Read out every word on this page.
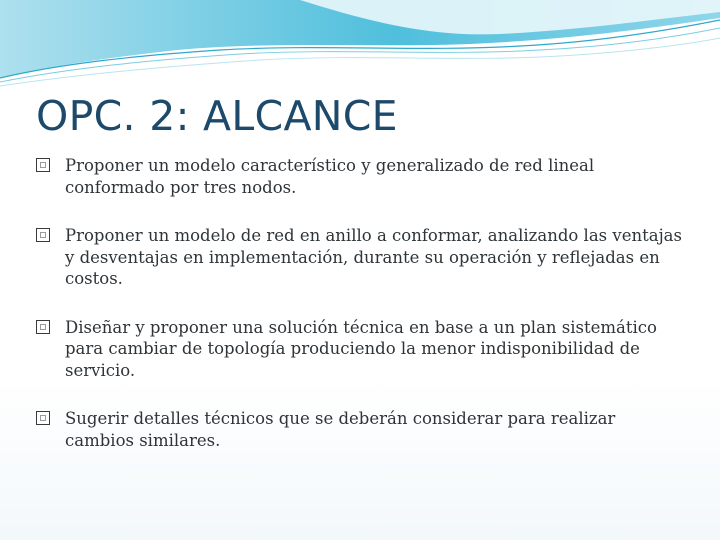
OPC. 2: ALCANCE
Proponer un modelo característico y generalizado de red lineal conformado por tres nodos.
Proponer un modelo de red en anillo a conformar, analizando las ventajas y desventajas en implementación, durante su operación y reflejadas en costos.
Diseñar y proponer una solución técnica en base a un plan sistemático para cambiar de topología produciendo la menor indisponibilidad de servicio.
Sugerir detalles técnicos que se deberán considerar para realizar cambios similares.
